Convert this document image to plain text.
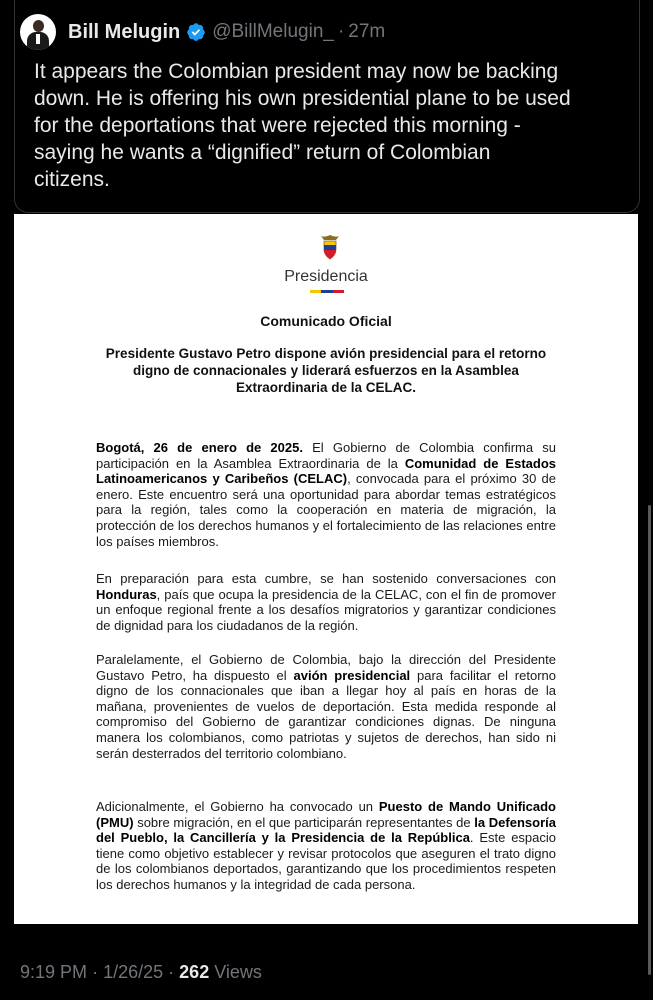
Bill Melugin @BillMelugin_ · 27m
It appears the Colombian president may now be backing
down. He is offering his own presidential plane to be used
for the deportations that were rejected this morning -
saying he wants a “dignified” return of Colombian
citizens.
Presidencia
Comunicado Oficial
Presidente Gustavo Petro dispone avión presidencial para el retorno digno de connacionales y liderará esfuerzos en la Asamblea Extraordinaria de la CELAC.
Bogotá, 26 de enero de 2025. El Gobierno de Colombia confirma su participación en la Asamblea Extraordinaria de la Comunidad de Estados Latinoamericanos y Caribeños (CELAC), convocada para el próximo 30 de enero. Este encuentro será una oportunidad para abordar temas estratégicos para la región, tales como la cooperación en materia de migración, la protección de los derechos humanos y el fortalecimiento de las relaciones entre los países miembros.
En preparación para esta cumbre, se han sostenido conversaciones con Honduras, país que ocupa la presidencia de la CELAC, con el fin de promover un enfoque regional frente a los desafíos migratorios y garantizar condiciones de dignidad para los ciudadanos de la región.
Paralelamente, el Gobierno de Colombia, bajo la dirección del Presidente Gustavo Petro, ha dispuesto el avión presidencial para facilitar el retorno digno de los connacionales que iban a llegar hoy al país en horas de la mañana, provenientes de vuelos de deportación. Esta medida responde al compromiso del Gobierno de garantizar condiciones dignas. De ninguna manera los colombianos, como patriotas y sujetos de derechos, han sido ni serán desterrados del territorio colombiano.
Adicionalmente, el Gobierno ha convocado un Puesto de Mando Unificado (PMU) sobre migración, en el que participarán representantes de la Defensoría del Pueblo, la Cancillería y la Presidencia de la República. Este espacio tiene como objetivo establecer y revisar protocolos que aseguren el trato digno de los colombianos deportados, garantizando que los procedimientos respeten los derechos humanos y la integridad de cada persona.
9:19 PM · 1/26/25 · 262 Views
